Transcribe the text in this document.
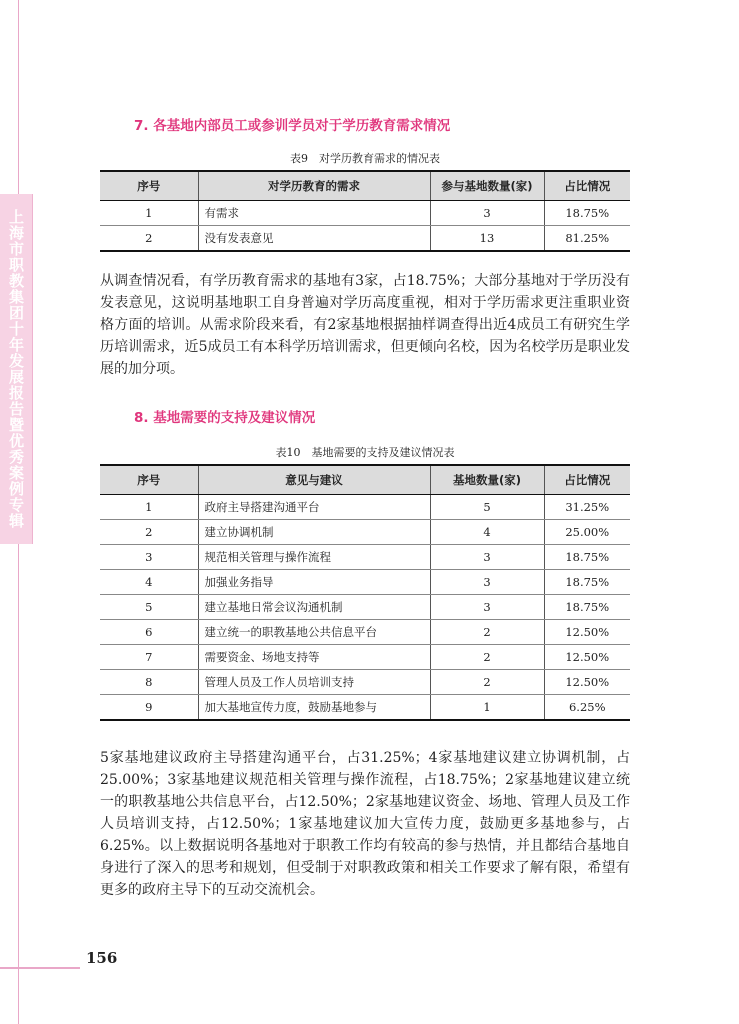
上海市职教集团十年发展报告暨优秀案例专辑

7. 各基地内部员工或参训学员对于学历教育需求情况

表9　对学历教育需求的情况表

序号	对学历教育的需求	参与基地数量(家)	占比情况
1	有需求	3	18.75%
2	没有发表意见	13	81.25%

从调查情况看，有学历教育需求的基地有3家，占18.75%；大部分基地对于学历没有发表意见，这说明基地职工自身普遍对学历高度重视，相对于学历需求更注重职业资格方面的培训。从需求阶段来看，有2家基地根据抽样调查得出近4成员工有研究生学历培训需求，近5成员工有本科学历培训需求，但更倾向名校，因为名校学历是职业发展的加分项。

8. 基地需要的支持及建议情况

表10　基地需要的支持及建议情况表

序号	意见与建议	基地数量(家)	占比情况
1	政府主导搭建沟通平台	5	31.25%
2	建立协调机制	4	25.00%
3	规范相关管理与操作流程	3	18.75%
4	加强业务指导	3	18.75%
5	建立基地日常会议沟通机制	3	18.75%
6	建立统一的职教基地公共信息平台	2	12.50%
7	需要资金、场地支持等	2	12.50%
8	管理人员及工作人员培训支持	2	12.50%
9	加大基地宣传力度，鼓励基地参与	1	6.25%

5家基地建议政府主导搭建沟通平台，占31.25%；4家基地建议建立协调机制，占25.00%；3家基地建议规范相关管理与操作流程，占18.75%；2家基地建议建立统一的职教基地公共信息平台，占12.50%；2家基地建议资金、场地、管理人员及工作人员培训支持，占12.50%；1家基地建议加大宣传力度，鼓励更多基地参与，占6.25%。以上数据说明各基地对于职教工作均有较高的参与热情，并且都结合基地自身进行了深入的思考和规划，但受制于对职教政策和相关工作要求了解有限，希望有更多的政府主导下的互动交流机会。

156
